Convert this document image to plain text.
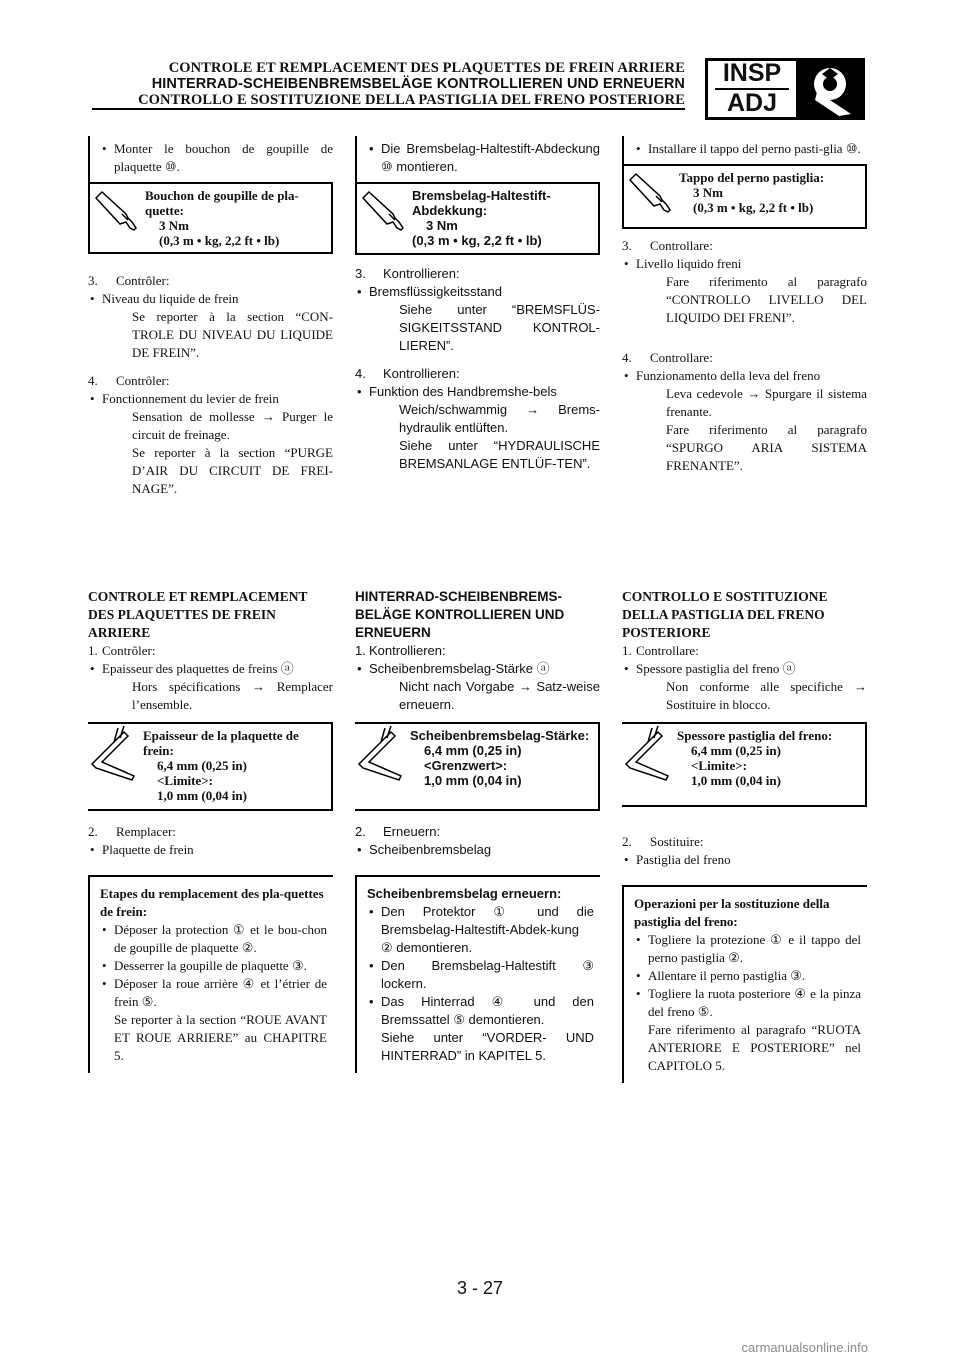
CONTROLE ET REMPLACEMENT DES PLAQUETTES DE FREIN ARRIERE
HINTERRAD-SCHEIBENBREMSBELÄGE KONTROLLIEREN UND ERNEUERN
CONTROLLO E SOSTITUZIONE DELLA PASTIGLIA DEL FRENO POSTERIORE
INSP
ADJ
• Monter le bouchon de goupille de plaquette ⑩.
Bouchon de goupille de pla-quette:
3 Nm
(0,3 m • kg, 2,2 ft • lb)
3. Contrôler:
• Niveau du liquide de frein
Se reporter à la section “CON-TROLE DU NIVEAU DU LIQUIDE DE FREIN”.
4. Contrôler:
• Fonctionnement du levier de frein
Sensation de mollesse → Purger le circuit de freinage.
Se reporter à la section “PURGE D’AIR DU CIRCUIT DE FREI-NAGE”.
• Die Bremsbelag-Haltestift-Abdeckung ⑩ montieren.
Bremsbelag-Haltestift-Abdekkung:
3 Nm
(0,3 m • kg, 2,2 ft • lb)
3. Kontrollieren:
• Bremsflüssigkeitsstand
Siehe unter “BREMSFLÜS-SIGKEITSSTAND KONTROL-LIEREN”.
4. Kontrollieren:
• Funktion des Handbremshe-bels
Weich/schwammig → Brems-hydraulik entlüften.
Siehe unter “HYDRAULISCHE BREMSANLAGE ENTLÜF-TEN”.
• Installare il tappo del perno pasti-glia ⑩.
Tappo del perno pastiglia:
3 Nm
(0,3 m • kg, 2,2 ft • lb)
3. Controllare:
• Livello liquido freni
Fare riferimento al paragrafo “CONTROLLO LIVELLO DEL LIQUIDO DEI FRENI”.
4. Controllare:
• Funzionamento della leva del freno
Leva cedevole → Spurgare il sistema frenante.
Fare riferimento al paragrafo “SPURGO ARIA SISTEMA FRENANTE”.
CONTROLE ET REMPLACEMENT DES PLAQUETTES DE FREIN ARRIERE
1. Contrôler:
• Epaisseur des plaquettes de freins ⓐ
Hors spécifications → Remplacer l’ensemble.
Epaisseur de la plaquette de frein:
6,4 mm (0,25 in)
<Limite>:
1,0 mm (0,04 in)
2. Remplacer:
• Plaquette de frein
Etapes du remplacement des pla-quettes de frein:
• Déposer la protection ① et le bou-chon de goupille de plaquette ②.
• Desserrer la goupille de plaquette ③.
• Déposer la roue arrière ④ et l’étrier de frein ⑤.
Se reporter à la section “ROUE AVANT ET ROUE ARRIERE” au CHAPITRE 5.
HINTERRAD-SCHEIBENBREMS-BELÄGE KONTROLLIEREN UND ERNEUERN
1. Kontrollieren:
• Scheibenbremsbelag-Stärke ⓐ
Nicht nach Vorgabe → Satz-weise erneuern.
Scheibenbremsbelag-Stärke:
6,4 mm (0,25 in)
<Grenzwert>:
1,0 mm (0,04 in)
2. Erneuern:
• Scheibenbremsbelag
Scheibenbremsbelag erneuern:
• Den Protektor ① und die Bremsbelag-Haltestift-Abdek-kung ② demontieren.
• Den Bremsbelag-Haltestift ③ lockern.
• Das Hinterrad ④ und den Bremssattel ⑤ demontieren.
Siehe unter “VORDER- UND HINTERRAD” in KAPITEL 5.
CONTROLLO E SOSTITUZIONE DELLA PASTIGLIA DEL FRENO POSTERIORE
1. Controllare:
• Spessore pastiglia del freno ⓐ
Non conforme alle specifiche → Sostituire in blocco.
Spessore pastiglia del freno:
6,4 mm (0,25 in)
<Limite>:
1,0 mm (0,04 in)
2. Sostituire:
• Pastiglia del freno
Operazioni per la sostituzione della pastiglia del freno:
• Togliere la protezione ① e il tappo del perno pastiglia ②.
• Allentare il perno pastiglia ③.
• Togliere la ruota posteriore ④ e la pinza del freno ⑤.
Fare riferimento al paragrafo “RUOTA ANTERIORE E POSTERIORE” nel CAPITOLO 5.
3 - 27
carmanualsonline.info
